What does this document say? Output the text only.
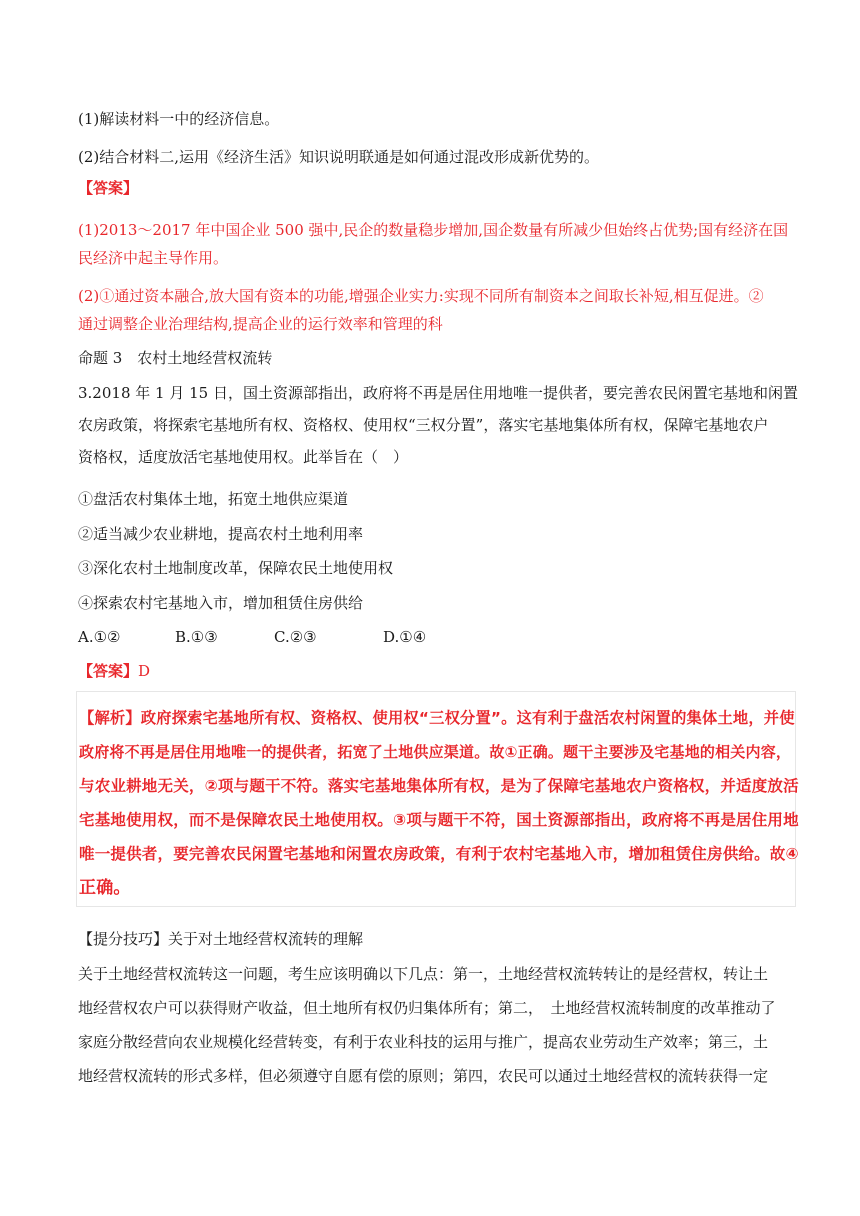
(1)解读材料一中的经济信息。
(2)结合材料二,运用《经济生活》知识说明联通是如何通过混改形成新优势的。
【答案】
(1)2013～2017 年中国企业 500 强中,民企的数量稳步增加,国企数量有所减少但始终占优势;国有经济在国
民经济中起主导作用。
(2)①通过资本融合,放大国有资本的功能,增强企业实力:实现不同所有制资本之间取长补短,相互促进。②
通过调整企业治理结构,提高企业的运行效率和管理的科
命题 3　农村土地经营权流转
3.2018 年 1 月 15 日，国土资源部指出，政府将不再是居住用地唯一提供者，要完善农民闲置宅基地和闲置
农房政策，将探索宅基地所有权、资格权、使用权“三权分置”，落实宅基地集体所有权，保障宅基地农户
资格权，适度放活宅基地使用权。此举旨在（　）
①盘活农村集体土地，拓宽土地供应渠道
②适当减少农业耕地，提高农村土地利用率
③深化农村土地制度改革，保障农民土地使用权
④探索农村宅基地入市，增加租赁住房供给
A.①②	B.①③	C.②③	D.①④
【答案】D
【解析】政府探索宅基地所有权、资格权、使用权“三权分置”。这有利于盘活农村闲置的集体土地，并使
政府将不再是居住用地唯一的提供者，拓宽了土地供应渠道。故①正确。题干主要涉及宅基地的相关内容，
与农业耕地无关，②项与题干不符。落实宅基地集体所有权，是为了保障宅基地农户资格权，并适度放活
宅基地使用权，而不是保障农民土地使用权。③项与题干不符，国土资源部指出，政府将不再是居住用地
唯一提供者，要完善农民闲置宅基地和闲置农房政策，有利于农村宅基地入市，增加租赁住房供给。故④
正确。
【提分技巧】关于对土地经营权流转的理解
关于土地经营权流转这一问题，考生应该明确以下几点：第一，土地经营权流转转让的是经营权，转让土
地经营权农户可以获得财产收益，但土地所有权仍归集体所有；第二，　土地经营权流转制度的改革推动了
家庭分散经营向农业规模化经营转变，有利于农业科技的运用与推广，提高农业劳动生产效率；第三，土
地经营权流转的形式多样，但必须遵守自愿有偿的原则；第四，农民可以通过土地经营权的流转获得一定
